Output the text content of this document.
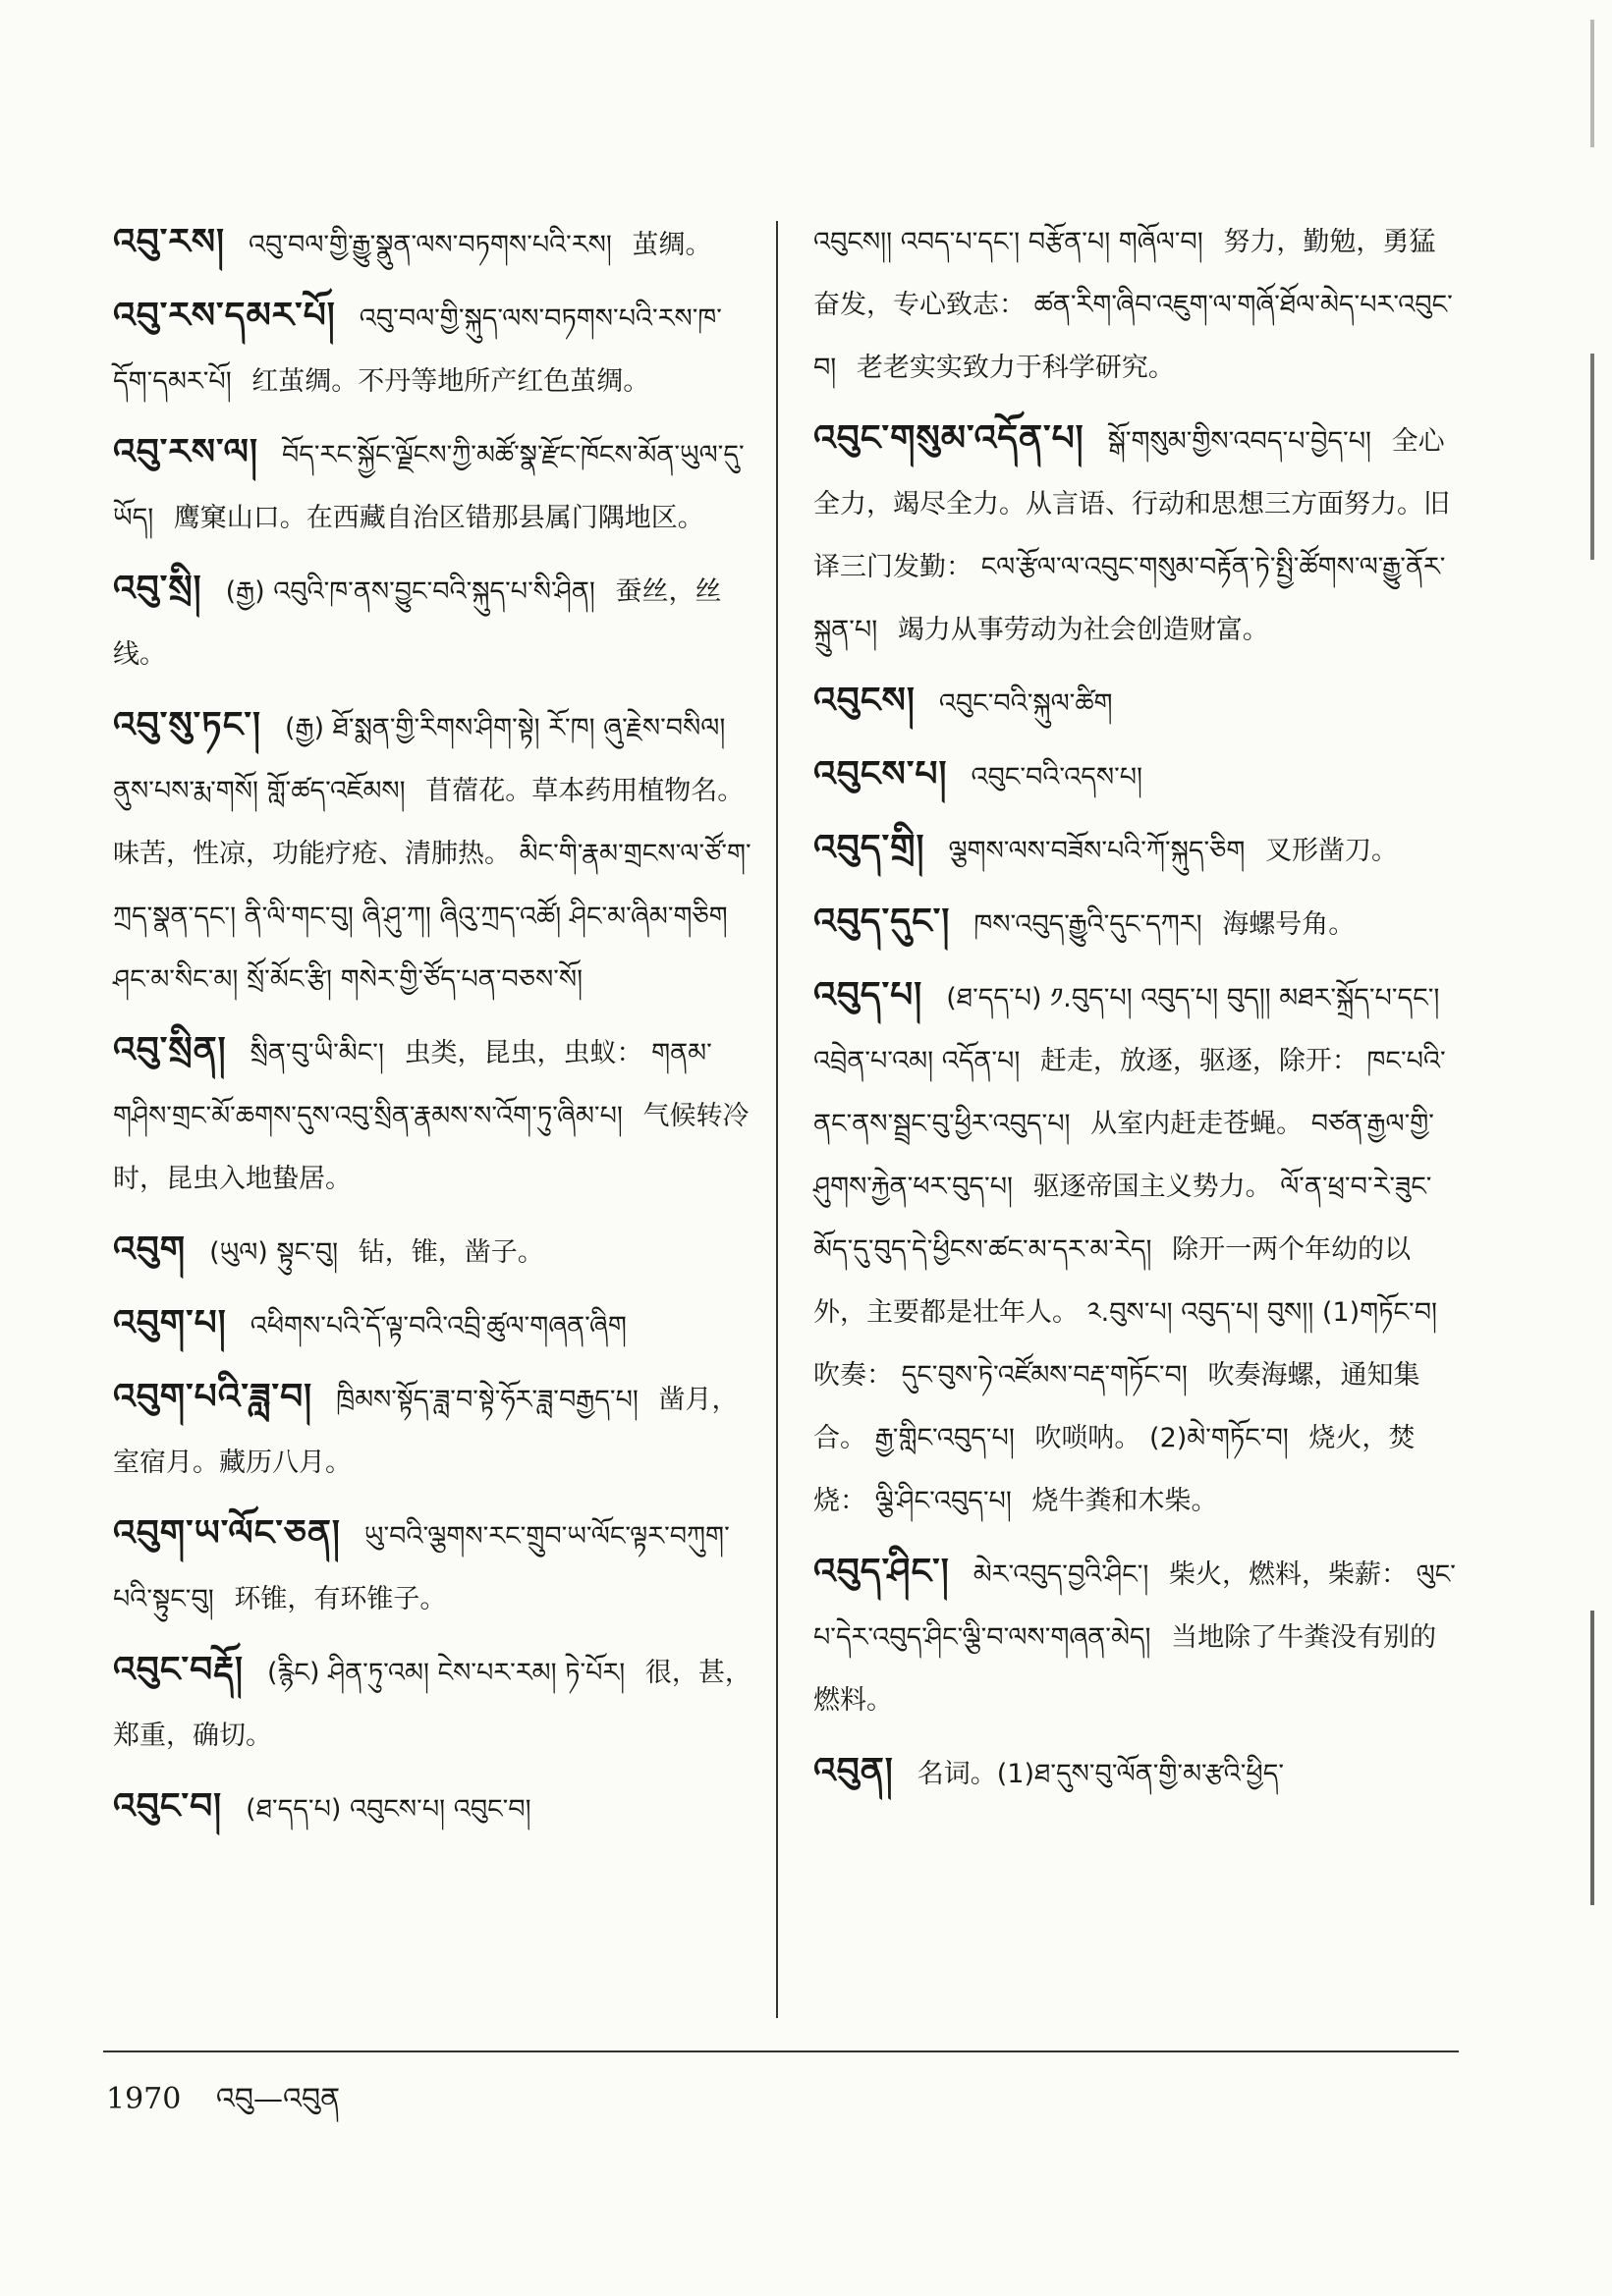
འབུ་རས། འབུ་བལ་གྱི་རྒྱུ་སྣུན་ལས་བཏགས་པའི་རས། 茧绸。
འབུ་རས་དམར་པོ། འབུ་བལ་གྱི་སྐུད་ལས་བཏགས་པའི་རས་ཁ་དོག་དམར་པོ། 红茧绸。不丹等地所产红色茧绸。
འབུ་རས་ལ། བོད་རང་སྐྱོང་ལྗོངས་ཀྱི་མཚོ་སྣ་རྫོང་ཁོངས་མོན་ཡུལ་དུ་ཡོད། 鹰窠山口。在西藏自治区错那县属门隅地区。
འབུ་སྲི། (རྒྱ) འབུའི་ཁ་ནས་བྱུང་བའི་སྐུད་པ་སི་ཤིན། 蚕丝，丝线。
འབུ་སུ་ཏང་། (རྒྱ) ཐོ་སྨན་གྱི་རིགས་ཤིག་སྟེ། རོ་ཁ། ཞུ་རྗེས་བསིལ། ནུས་པས་རྨ་གསོ། གློ་ཚད་འཇོམས། 苜蓿花。草本药用植物名。味苦，性凉，功能疗疮、清肺热。 མིང་གི་རྣམ་གྲངས་ལ་ཙོ་ག་ཀྲད་སྣན་དང་། ནི་ལི་གང་བུ། ཞི་ཤུ་ཀ། ཞིའུ་ཀྲད་འཚོ། ཤིང་མ་ཞིམ་གཅིག ཤང་མ་སིང་མ། སྲོ་མོང་རྩི། གསེར་གྱི་ཙོད་པན་བཅས་སོ།
འབུ་སྲིན། སྲིན་བུ་ཡི་མིང་། 虫类，昆虫，虫蚁： གནམ་གཤིས་གྲང་མོ་ཆགས་དུས་འབུ་སྲིན་རྣམས་ས་འོག་ཏུ་ཞིམ་པ། 气候转冷时，昆虫入地蛰居。
འབུག (ཡུལ) སྟུང་བུ། 钻，锥，凿子。
འབུག་པ། འཕིགས་པའི་དོ་ལྟ་བའི་འབྲི་ཚུལ་གཞན་ཞིག
འབུག་པའི་ཟླ་བ། ཁྲིམས་སྟོད་ཟླ་བ་སྟེ་ཧོར་ཟླ་བརྒྱད་པ། 凿月，室宿月。藏历八月。
འབུག་ཡ་ལོང་ཅན། ཡུ་བའི་ལྕགས་རང་གྲུབ་ཡ་ལོང་ལྟར་བཀུག་པའི་སྟུང་བུ། 环锥，有环锥子。
འབུང་བརྡོ། (རྙིང) ཤིན་ཏུ་འམ། ངེས་པར་རམ། ཏེ་པོར། 很，甚，郑重，确切。
འབུང་བ། (ཐ་དད་པ) འབུངས་པ། འབུང་བ།
འབུངས།། འབད་པ་དང་། བརྩོན་པ། གཞོལ་བ། 努力，勤勉，勇猛奋发，专心致志： ཚན་རིག་ཞིབ་འཇུག་ལ་གཞོ་ཐོལ་མེད་པར་འབུང་བ། 老老实实致力于科学研究。
འབུང་གསུམ་འདོན་པ། སྒོ་གསུམ་གྱིས་འབད་པ་བྱེད་པ། 全心全力，竭尽全力。从言语、行动和思想三方面努力。旧译三门发勤： ངལ་རྩོལ་ལ་འབུང་གསུམ་བརྟོན་ཏེ་སྤྱི་ཚོགས་ལ་རྒྱུ་ནོར་སྐྲུན་པ། 竭力从事劳动为社会创造财富。
འབུངས། འབུང་བའི་སྐུལ་ཚིག
འབུངས་པ། འབུང་བའི་འདས་པ།
འབུད་གྲི། ལྕགས་ལས་བཟོས་པའི་ཀོ་སྐུད་ཅིག 叉形凿刀。
འབུད་དུང་། ཁས་འབུད་རྒྱུའི་དུང་དཀར། 海螺号角。
འབུད་པ། (ཐ་དད་པ) ༡.བུད་པ། འབུད་པ། བུད།། མཐར་སྐྲོད་པ་དང་། འབྲེན་པ་འམ། འདོན་པ། 赶走，放逐，驱逐，除开： ཁང་པའི་ནང་ནས་སྦྲང་བུ་ཕྱིར་འབུད་པ། 从室内赶走苍蝇。 བཙན་རྒྱལ་གྱི་ཤུགས་རྐྱེན་ཕར་བུད་པ། 驱逐帝国主义势力。 ལོ་ན་ཕྲ་བ་རེ་ཟུང་མོད་དུ་བུད་དེ་ཕྱིངས་ཚང་མ་དར་མ་རེད། 除开一两个年幼的以外，主要都是壮年人。 ༢.བུས་པ། འབུད་པ། བུས།། (1)གཏོང་བ། 吹奏： དུང་བུས་ཏེ་འཛོམས་བརྡ་གཏོང་བ། 吹奏海螺，通知集合。 རྒྱ་གླིང་འབུད་པ། 吹唢呐。 (2)མེ་གཏོང་བ། 烧火，焚烧： ལྕི་ཤིང་འབུད་པ། 烧牛粪和木柴。
འབུད་ཤིང་། མེར་འབུད་བྱའི་ཤིང་། 柴火，燃料，柴薪： ལུང་པ་དེར་འབུད་ཤིང་ལྕི་བ་ལས་གཞན་མེད། 当地除了牛粪没有别的燃料。
འབུན། 名词。(1)ཐ་དུས་བུ་ལོན་གྱི་མ་རྩའི་ཕྱིད་
1970 འབུ—འབུན
